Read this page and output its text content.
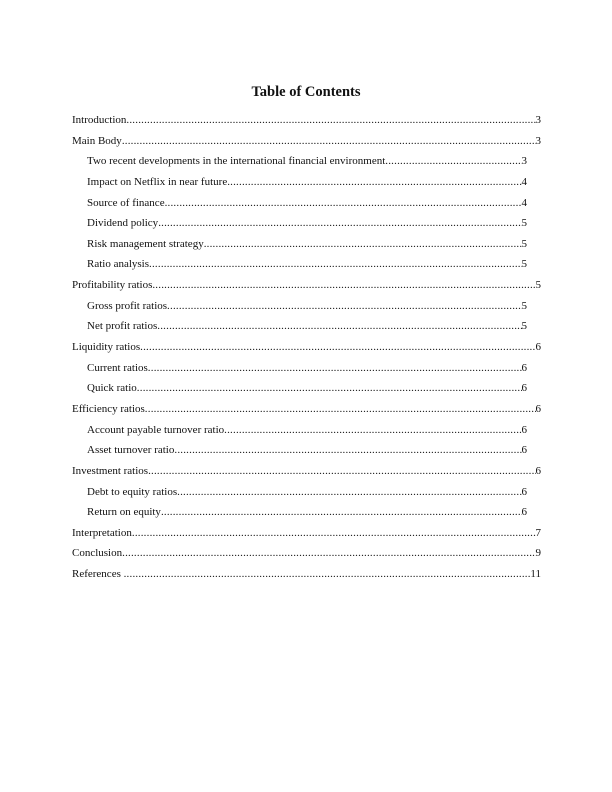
Table of Contents
Introduction .....	3
Main Body .....	3
Two recent developments in the international financial environment .....	3
Impact on Netflix in near future .....	4
Source of finance .....	4
Dividend policy .....	5
Risk management strategy .....	5
Ratio analysis .....	5
Profitability ratios .....	5
Gross profit ratios .....	5
Net profit ratios .....	5
Liquidity ratios .....	6
Current ratios .....	6
Quick ratio .....	6
Efficiency ratios .....	6
Account payable turnover ratio .....	6
Asset turnover ratio .....	6
Investment ratios .....	6
Debt to equity ratios .....	6
Return on equity .....	6
Interpretation .....	7
Conclusion .....	9
References .....	11
